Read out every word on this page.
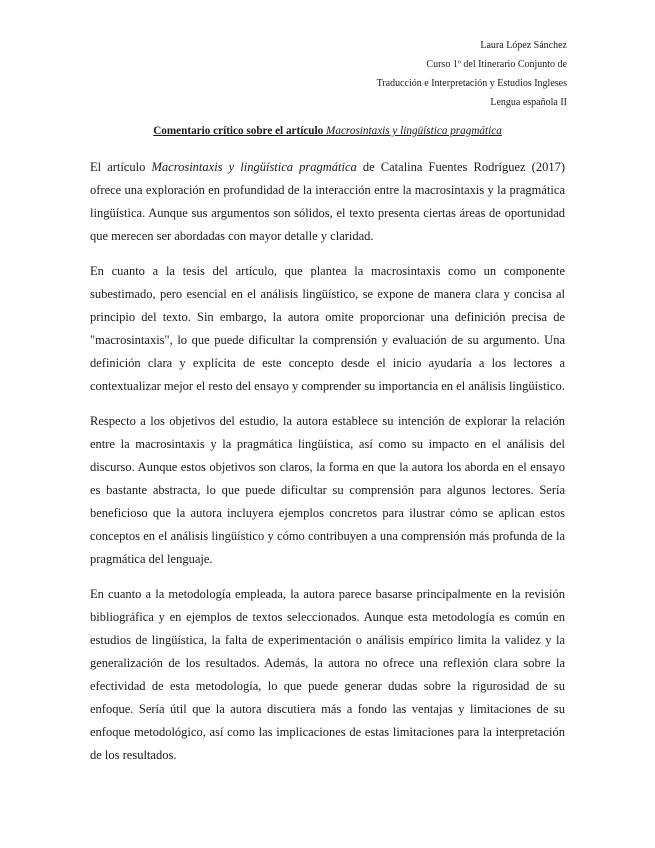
Laura López Sánchez
Curso 1º del Itinerario Conjunto de
Traducción e Interpretación y Estudios Ingleses
Lengua española II
Comentario crítico sobre el artículo Macrosintaxis y lingüística pragmática

El artículo Macrosintaxis y lingüística pragmática de Catalina Fuentes Rodríguez (2017) ofrece una exploración en profundidad de la interacción entre la macrosintaxis y la pragmática lingüística. Aunque sus argumentos son sólidos, el texto presenta ciertas áreas de oportunidad que merecen ser abordadas con mayor detalle y claridad.

En cuanto a la tesis del artículo, que plantea la macrosintaxis como un componente subestimado, pero esencial en el análisis lingüístico, se expone de manera clara y concisa al principio del texto. Sin embargo, la autora omite proporcionar una definición precisa de "macrosintaxis", lo que puede dificultar la comprensión y evaluación de su argumento. Una definición clara y explícita de este concepto desde el inicio ayudaría a los lectores a contextualizar mejor el resto del ensayo y comprender su importancia en el análisis lingüístico.

Respecto a los objetivos del estudio, la autora establece su intención de explorar la relación entre la macrosintaxis y la pragmática lingüística, así como su impacto en el análisis del discurso. Aunque estos objetivos son claros, la forma en que la autora los aborda en el ensayo es bastante abstracta, lo que puede dificultar su comprensión para algunos lectores. Sería beneficioso que la autora incluyera ejemplos concretos para ilustrar cómo se aplican estos conceptos en el análisis lingüístico y cómo contribuyen a una comprensión más profunda de la pragmática del lenguaje.

En cuanto a la metodología empleada, la autora parece basarse principalmente en la revisión bibliográfica y en ejemplos de textos seleccionados. Aunque esta metodología es común en estudios de lingüística, la falta de experimentación o análisis empírico limita la validez y la generalización de los resultados. Además, la autora no ofrece una reflexión clara sobre la efectividad de esta metodología, lo que puede generar dudas sobre la rigurosidad de su enfoque. Sería útil que la autora discutiera más a fondo las ventajas y limitaciones de su enfoque metodológico, así como las implicaciones de estas limitaciones para la interpretación de los resultados.
